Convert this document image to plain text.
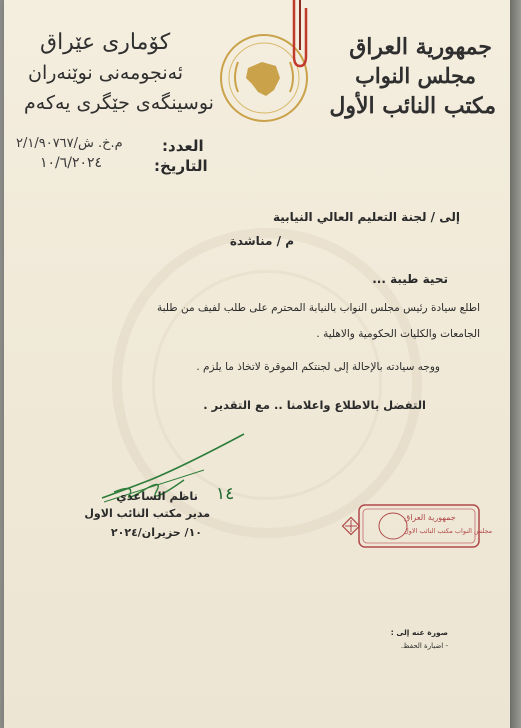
جمهورية العراق
مجلس النواب
مكتب النائب الأول
كۆماری عێراق
ئەنجومەنی نوێنەران
نوسینگەی جێگری یەکەم
العدد:
م.خ. ش/٢/١/٩٠٧٦٧
التاريخ:
١٠/٦/٢٠٢٤
إلى / لجنة التعليم العالي النيابية
م / مناشدة
تحية طيبة ...
اطلع سيادة رئيس مجلس النواب بالنيابة المحترم على طلب لفيف من طلبة
الجامعات والكليات الحكومية والاهلية .
ووجه سيادته بالإحالة إلى لجنتكم الموقرة لاتخاذ ما يلزم .
التفضل بالاطلاع واعلامنا .. مع التقدير .
١٤
ناظم الساعدي
مدير مكتب النائب الاول
١٠/ حزيران/٢٠٢٤
جمهورية العراق
مجلس النواب مكتب النائب الاول
صورة عنه إلى :
- اضبارة الحفظ.
